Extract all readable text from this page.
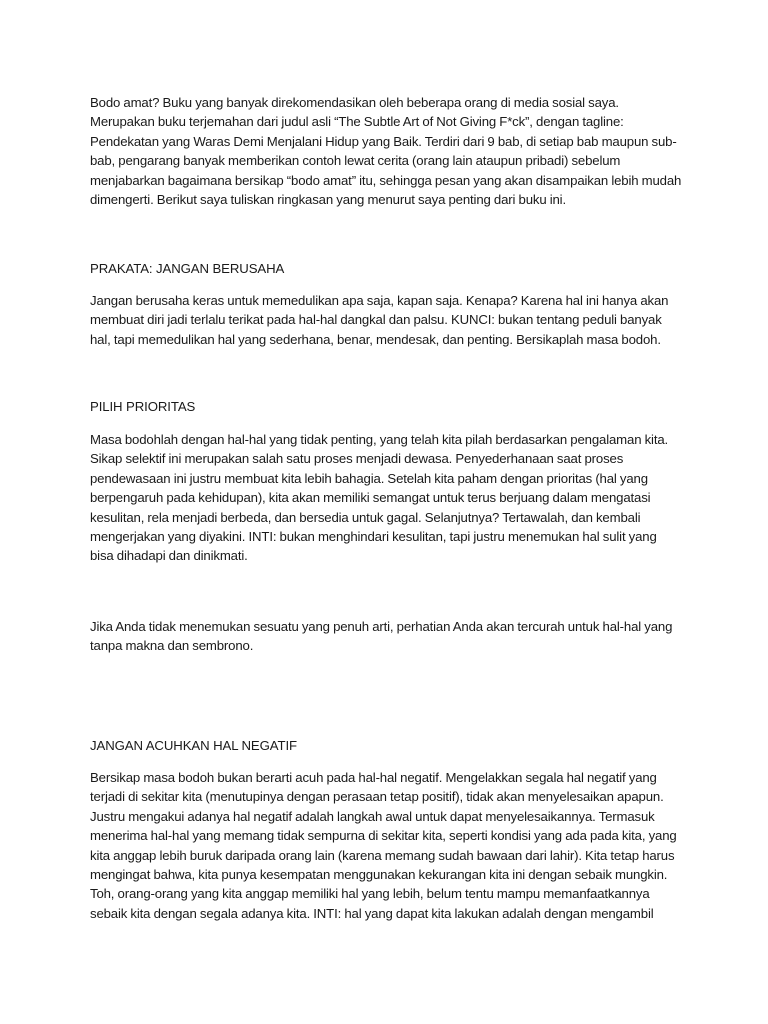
Bodo amat? Buku yang banyak direkomendasikan oleh beberapa orang di media sosial saya. Merupakan buku terjemahan dari judul asli “The Subtle Art of Not Giving F*ck”, dengan tagline: Pendekatan yang Waras Demi Menjalani Hidup yang Baik. Terdiri dari 9 bab, di setiap bab maupun sub-bab, pengarang banyak memberikan contoh lewat cerita (orang lain ataupun pribadi) sebelum menjabarkan bagaimana bersikap “bodo amat” itu, sehingga pesan yang akan disampaikan lebih mudah dimengerti. Berikut saya tuliskan ringkasan yang menurut saya penting dari buku ini.

PRAKATA: JANGAN BERUSAHA

Jangan berusaha keras untuk memedulikan apa saja, kapan saja. Kenapa? Karena hal ini hanya akan membuat diri jadi terlalu terikat pada hal-hal dangkal dan palsu. KUNCI: bukan tentang peduli banyak hal, tapi memedulikan hal yang sederhana, benar, mendesak, dan penting. Bersikaplah masa bodoh.

PILIH PRIORITAS

Masa bodohlah dengan hal-hal yang tidak penting, yang telah kita pilah berdasarkan pengalaman kita. Sikap selektif ini merupakan salah satu proses menjadi dewasa. Penyederhanaan saat proses pendewasaan ini justru membuat kita lebih bahagia. Setelah kita paham dengan prioritas (hal yang berpengaruh pada kehidupan), kita akan memiliki semangat untuk terus berjuang dalam mengatasi kesulitan, rela menjadi berbeda, dan bersedia untuk gagal. Selanjutnya? Tertawalah, dan kembali mengerjakan yang diyakini. INTI: bukan menghindari kesulitan, tapi justru menemukan hal sulit yang bisa dihadapi dan dinikmati.

Jika Anda tidak menemukan sesuatu yang penuh arti, perhatian Anda akan tercurah untuk hal-hal yang tanpa makna dan sembrono.

JANGAN ACUHKAN HAL NEGATIF

Bersikap masa bodoh bukan berarti acuh pada hal-hal negatif. Mengelakkan segala hal negatif yang terjadi di sekitar kita (menutupinya dengan perasaan tetap positif), tidak akan menyelesaikan apapun. Justru mengakui adanya hal negatif adalah langkah awal untuk dapat menyelesaikannya. Termasuk menerima hal-hal yang memang tidak sempurna di sekitar kita, seperti kondisi yang ada pada kita, yang kita anggap lebih buruk daripada orang lain (karena memang sudah bawaan dari lahir). Kita tetap harus mengingat bahwa, kita punya kesempatan menggunakan kekurangan kita ini dengan sebaik mungkin. Toh, orang-orang yang kita anggap memiliki hal yang lebih, belum tentu mampu memanfaatkannya sebaik kita dengan segala adanya kita. INTI: hal yang dapat kita lakukan adalah dengan mengambil
